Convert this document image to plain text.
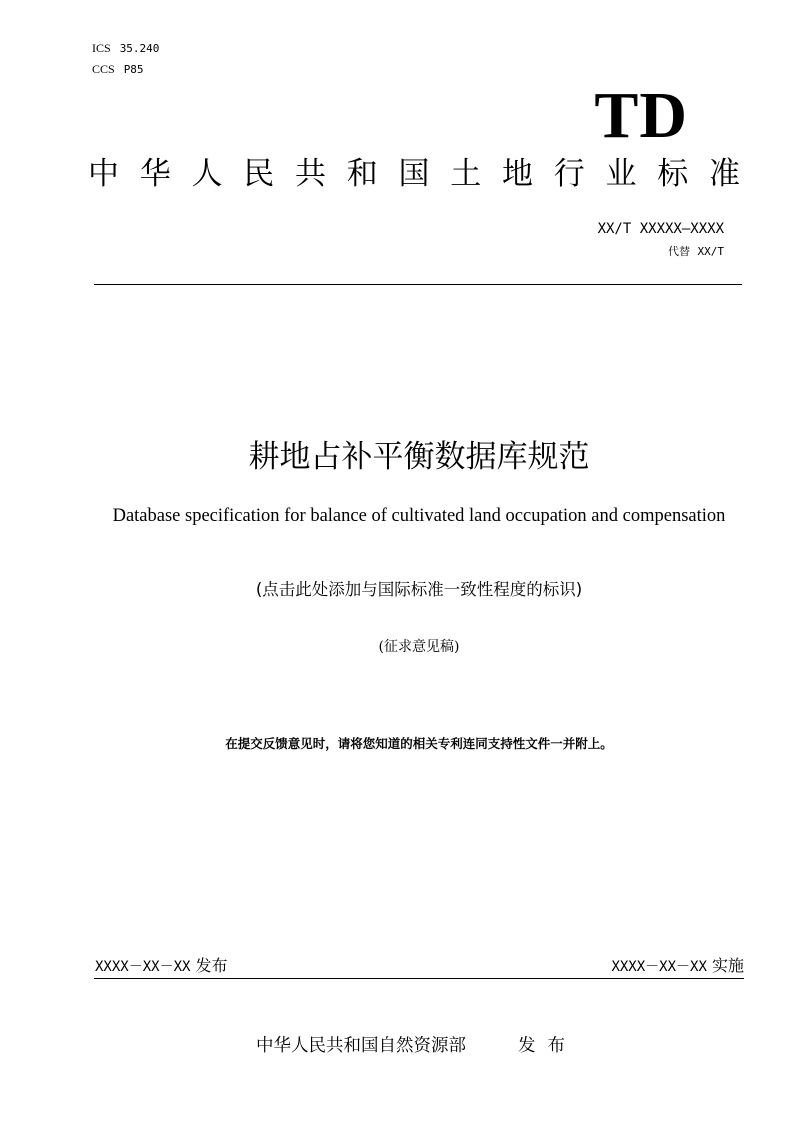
ICS 35.240
CCS P85
TD
中 华 人 民 共 和 国 土 地 行 业 标 准
XX/T XXXXX—XXXX
代替 XX/T
耕地占补平衡数据库规范
Database specification for balance of cultivated land occupation and compensation
(点击此处添加与国际标准一致性程度的标识)
(征求意见稿)
在提交反馈意见时，请将您知道的相关专利连同支持性文件一并附上。
XXXX－XX－XX 发布	XXXX－XX－XX 实施
中华人民共和国自然资源部	发布
